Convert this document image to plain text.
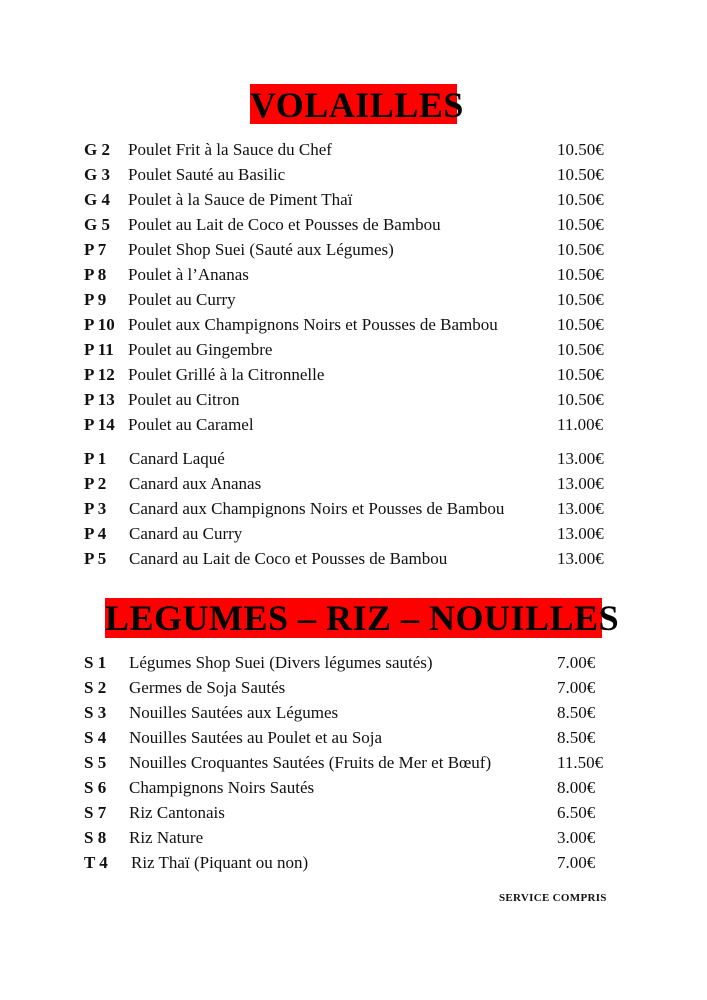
VOLAILLES
G 2 Poulet Frit à la Sauce du Chef	10.50€
G 3 Poulet Sauté au Basilic	10.50€
G 4 Poulet à la Sauce de Piment Thaï	10.50€
G 5 Poulet au Lait de Coco et Pousses de Bambou	10.50€
P 7 Poulet Shop Suei (Sauté aux Légumes)	10.50€
P 8 Poulet à l’Ananas	10.50€
P 9 Poulet au Curry	10.50€
P 10 Poulet aux Champignons Noirs et Pousses de Bambou	10.50€
P 11 Poulet au Gingembre	10.50€
P 12 Poulet Grillé à la Citronnelle	10.50€
P 13 Poulet au Citron	10.50€
P 14 Poulet au Caramel	11.00€
P 1 Canard Laqué	13.00€
P 2 Canard aux Ananas	13.00€
P 3 Canard aux Champignons Noirs et Pousses de Bambou	13.00€
P 4 Canard au Curry	13.00€
P 5 Canard au Lait de Coco et Pousses de Bambou	13.00€
LEGUMES – RIZ – NOUILLES
S 1 Légumes Shop Suei (Divers légumes sautés)	7.00€
S 2 Germes de Soja Sautés	7.00€
S 3 Nouilles Sautées aux Légumes	8.50€
S 4 Nouilles Sautées au Poulet et au Soja	8.50€
S 5 Nouilles Croquantes Sautées (Fruits de Mer et Bœuf)	11.50€
S 6 Champignons Noirs Sautés	8.00€
S 7 Riz Cantonais	6.50€
S 8 Riz Nature	3.00€
T 4 Riz Thaï (Piquant ou non)	7.00€
SERVICE COMPRIS
